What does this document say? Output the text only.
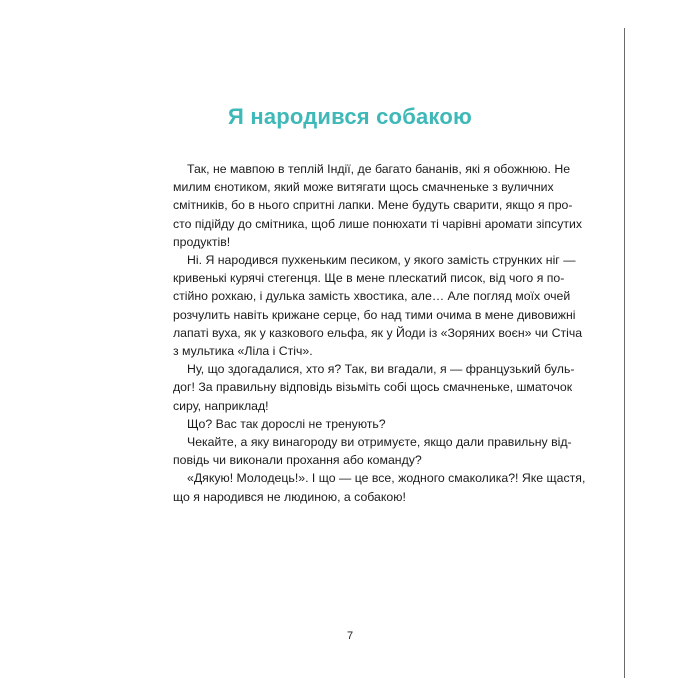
Я народився собакою

Так, не мавпою в теплій Індії, де багато бананів, які я обожнюю. Не
милим єнотиком, який може витягати щось смачненьке з вуличних
смітників, бо в нього спритні лапки. Мене будуть сварити, якщо я про-
сто підійду до смітника, щоб лише понюхати ті чарівні аромати зіпсутих
продуктів!

Ні. Я народився пухкеньким песиком, у якого замість стрункиx ніг —
кривенькі курячі стегенця. Ще в мене плескатий писок, від чого я по-
стійно рохкаю, і дулька замість хвостика, але… Але погляд моїх очей
розчулить навіть крижане серце, бо над тими очима в мене дивовижні
лапаті вуха, як у казкового ельфа, як у Йоди із «Зоряних воєн» чи Стіча
з мультика «Ліла і Стіч».

Ну, що здогадалися, хто я? Так, ви вгадали, я — французький буль-
дог! За правильну відповідь візьміть собі щось смачненьке, шматочок
сиру, наприклад!

Що? Вас так дорослі не тренують?

Чекайте, а яку винагороду ви отримуєте, якщо дали правильну від-
повідь чи виконали прохання або команду?

«Дякую! Молодець!». І що — це все, жодного смаколика?! Яке щастя,
що я народився не людиною, а собакою!

7
